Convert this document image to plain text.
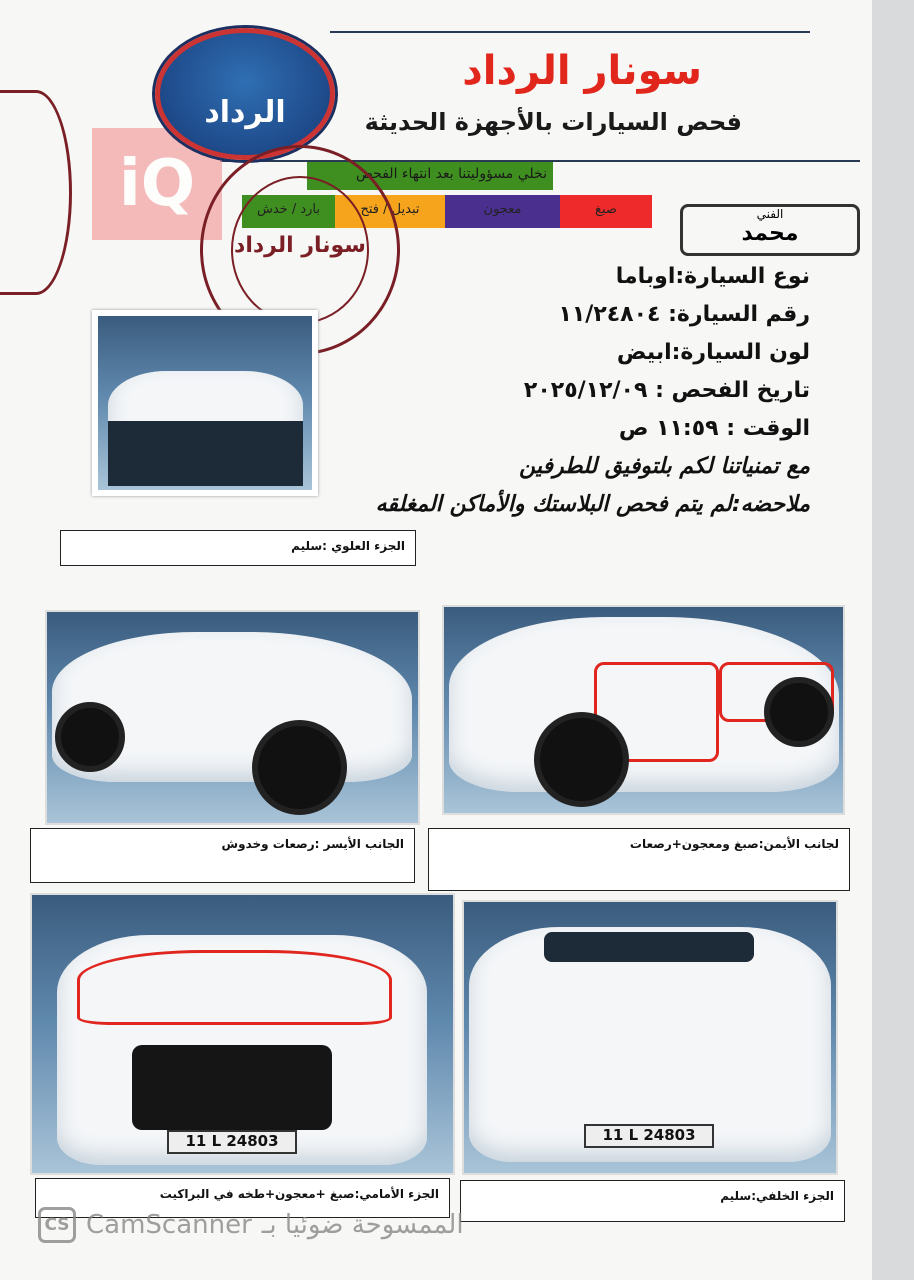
iQ
الرداد
سونار الرداد
فحص السيارات بالأجهزة الحديثة
نخلي مسؤوليتنا بعد انتهاء الفحص
صبغ
معجون
تبديل / فتح
بارد / خدش
سونار الرداد
الفني
محمد
نوع السيارة:اوباما
رقم السيارة: ١١/٢٤٨٠٤
لون السيارة:ابيض
تاريخ الفحص : ٢٠٢٥/١٢/٠٩
الوقت : ١١:٥٩ ص
مع تمنياتنا لكم بلتوفيق للطرفين
ملاحضه:لم يتم فحص البلاستك والأماكن المغلقه
الجزء العلوي :سليم
الجانب الأيسر :رصعات وخدوش	لجانب الأيمن:صبغ ومعجون+رصعات
11 L 24803	11 L 24803
الجزء الأمامي:صبغ +معجون+طخه في البراكيت	الجزء الخلفي:سليم
CS CamScanner الممسوحة ضوئيا بـ
